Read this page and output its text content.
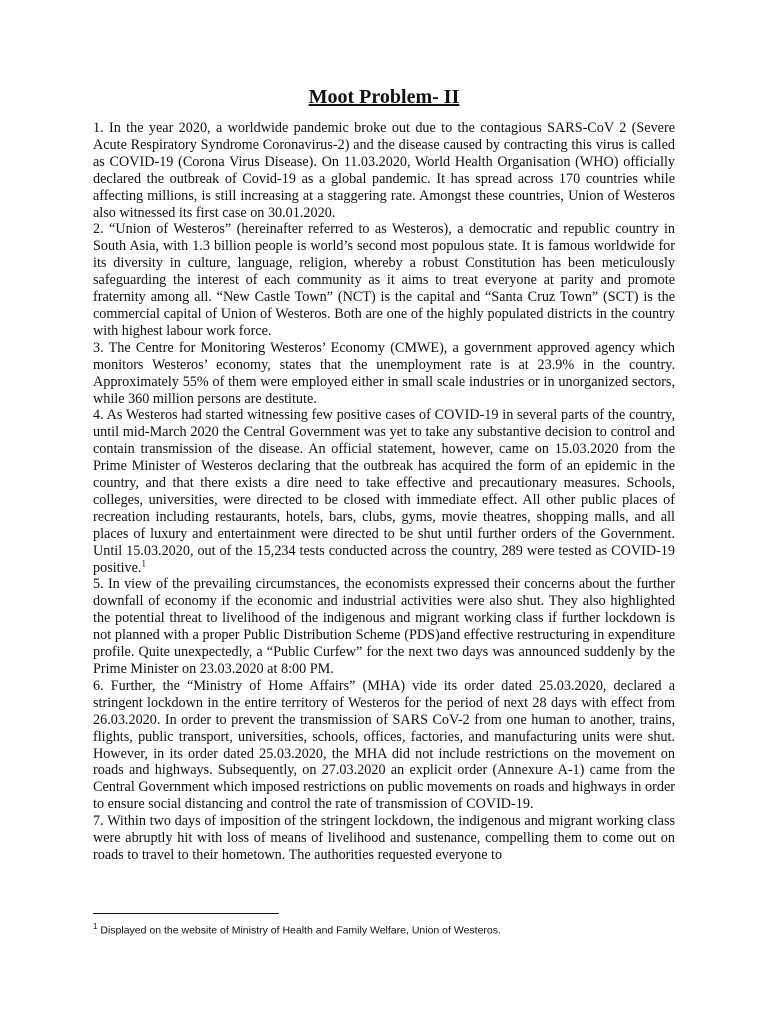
Moot Problem- II

1. In the year 2020, a worldwide pandemic broke out due to the contagious SARS-CoV 2 (Severe Acute Respiratory Syndrome Coronavirus-2) and the disease caused by contracting this virus is called as COVID-19 (Corona Virus Disease). On 11.03.2020, World Health Organisation (WHO) officially declared the outbreak of Covid-19 as a global pandemic. It has spread across 170 countries while affecting millions, is still increasing at a staggering rate. Amongst these countries, Union of Westeros also witnessed its first case on 30.01.2020.

2. “Union of Westeros” (hereinafter referred to as Westeros), a democratic and republic country in South Asia, with 1.3 billion people is world’s second most populous state. It is famous worldwide for its diversity in culture, language, religion, whereby a robust Constitution has been meticulously safeguarding the interest of each community as it aims to treat everyone at parity and promote fraternity among all. “New Castle Town” (NCT) is the capital and “Santa Cruz Town” (SCT) is the commercial capital of Union of Westeros. Both are one of the highly populated districts in the country with highest labour work force.

3. The Centre for Monitoring Westeros’ Economy (CMWE), a government approved agency which monitors Westeros’ economy, states that the unemployment rate is at 23.9% in the country. Approximately 55% of them were employed either in small scale industries or in unorganized sectors, while 360 million persons are destitute.

4. As Westeros had started witnessing few positive cases of COVID-19 in several parts of the country, until mid-March 2020 the Central Government was yet to take any substantive decision to control and contain transmission of the disease. An official statement, however, came on 15.03.2020 from the Prime Minister of Westeros declaring that the outbreak has acquired the form of an epidemic in the country, and that there exists a dire need to take effective and precautionary measures. Schools, colleges, universities, were directed to be closed with immediate effect. All other public places of recreation including restaurants, hotels, bars, clubs, gyms, movie theatres, shopping malls, and all places of luxury and entertainment were directed to be shut until further orders of the Government. Until 15.03.2020, out of the 15,234 tests conducted across the country, 289 were tested as COVID-19 positive.$^1$

5. In view of the prevailing circumstances, the economists expressed their concerns about the further downfall of economy if the economic and industrial activities were also shut. They also highlighted the potential threat to livelihood of the indigenous and migrant working class if further lockdown is not planned with a proper Public Distribution Scheme (PDS)and effective restructuring in expenditure profile. Quite unexpectedly, a “Public Curfew” for the next two days was announced suddenly by the Prime Minister on 23.03.2020 at 8:00 PM.

6. Further, the “Ministry of Home Affairs” (MHA) vide its order dated 25.03.2020, declared a stringent lockdown in the entire territory of Westeros for the period of next 28 days with effect from 26.03.2020. In order to prevent the transmission of SARS CoV-2 from one human to another, trains, flights, public transport, universities, schools, offices, factories, and manufacturing units were shut. However, in its order dated 25.03.2020, the MHA did not include restrictions on the movement on roads and highways. Subsequently, on 27.03.2020 an explicit order (Annexure A-1) came from the Central Government which imposed restrictions on public movements on roads and highways in order to ensure social distancing and control the rate of transmission of COVID-19.

7. Within two days of imposition of the stringent lockdown, the indigenous and migrant working class were abruptly hit with loss of means of livelihood and sustenance, compelling them to come out on roads to travel to their hometown. The authorities requested everyone to

$^1$ Displayed on the website of Ministry of Health and Family Welfare, Union of Westeros.
